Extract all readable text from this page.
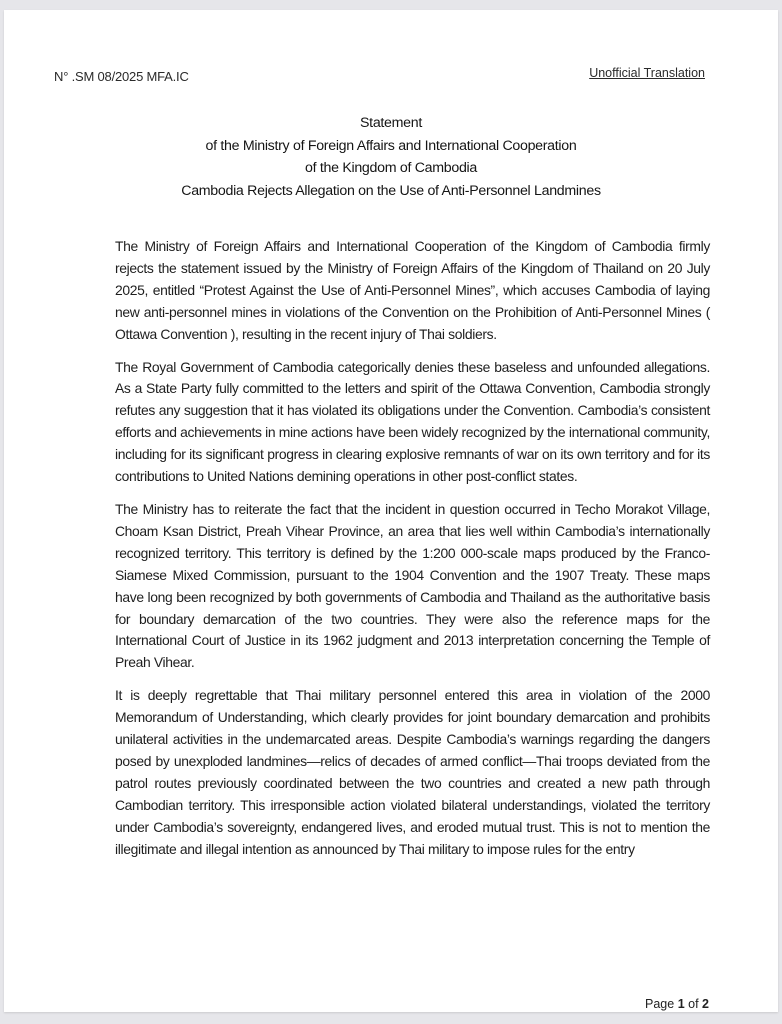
N° .SM 08/2025 MFA.IC	Unofficial Translation
Statement
of the Ministry of Foreign Affairs and International Cooperation
of the Kingdom of Cambodia
Cambodia Rejects Allegation on the Use of Anti-Personnel Landmines

The Ministry of Foreign Affairs and International Cooperation of the Kingdom of Cambodia firmly rejects the statement issued by the Ministry of Foreign Affairs of the Kingdom of Thailand on 20 July 2025, entitled “Protest Against the Use of Anti-Personnel Mines”, which accuses Cambodia of laying new anti-personnel mines in violations of the Convention on the Prohibition of Anti-Personnel Mines ( Ottawa Convention ), resulting in the recent injury of Thai soldiers.

The Royal Government of Cambodia categorically denies these baseless and unfounded allegations. As a State Party fully committed to the letters and spirit of the Ottawa Convention, Cambodia strongly refutes any suggestion that it has violated its obligations under the Convention. Cambodia’s consistent efforts and achievements in mine actions have been widely recognized by the international community, including for its significant progress in clearing explosive remnants of war on its own territory and for its contributions to United Nations demining operations in other post-conflict states.

The Ministry has to reiterate the fact that the incident in question occurred in Techo Morakot Village, Choam Ksan District, Preah Vihear Province, an area that lies well within Cambodia’s internationally recognized territory. This territory is defined by the 1:200 000-scale maps produced by the Franco-Siamese Mixed Commission, pursuant to the 1904 Convention and the 1907 Treaty. These maps have long been recognized by both governments of Cambodia and Thailand as the authoritative basis for boundary demarcation of the two countries. They were also the reference maps for the International Court of Justice in its 1962 judgment and 2013 interpretation concerning the Temple of Preah Vihear.

It is deeply regrettable that Thai military personnel entered this area in violation of the 2000 Memorandum of Understanding, which clearly provides for joint boundary demarcation and prohibits unilateral activities in the undemarcated areas. Despite Cambodia’s warnings regarding the dangers posed by unexploded landmines—relics of decades of armed conflict—Thai troops deviated from the patrol routes previously coordinated between the two countries and created a new path through Cambodian territory. This irresponsible action violated bilateral understandings, violated the territory under Cambodia’s sovereignty, endangered lives, and eroded mutual trust. This is not to mention the illegitimate and illegal intention as announced by Thai military to impose rules for the entry

Page 1 of 2
